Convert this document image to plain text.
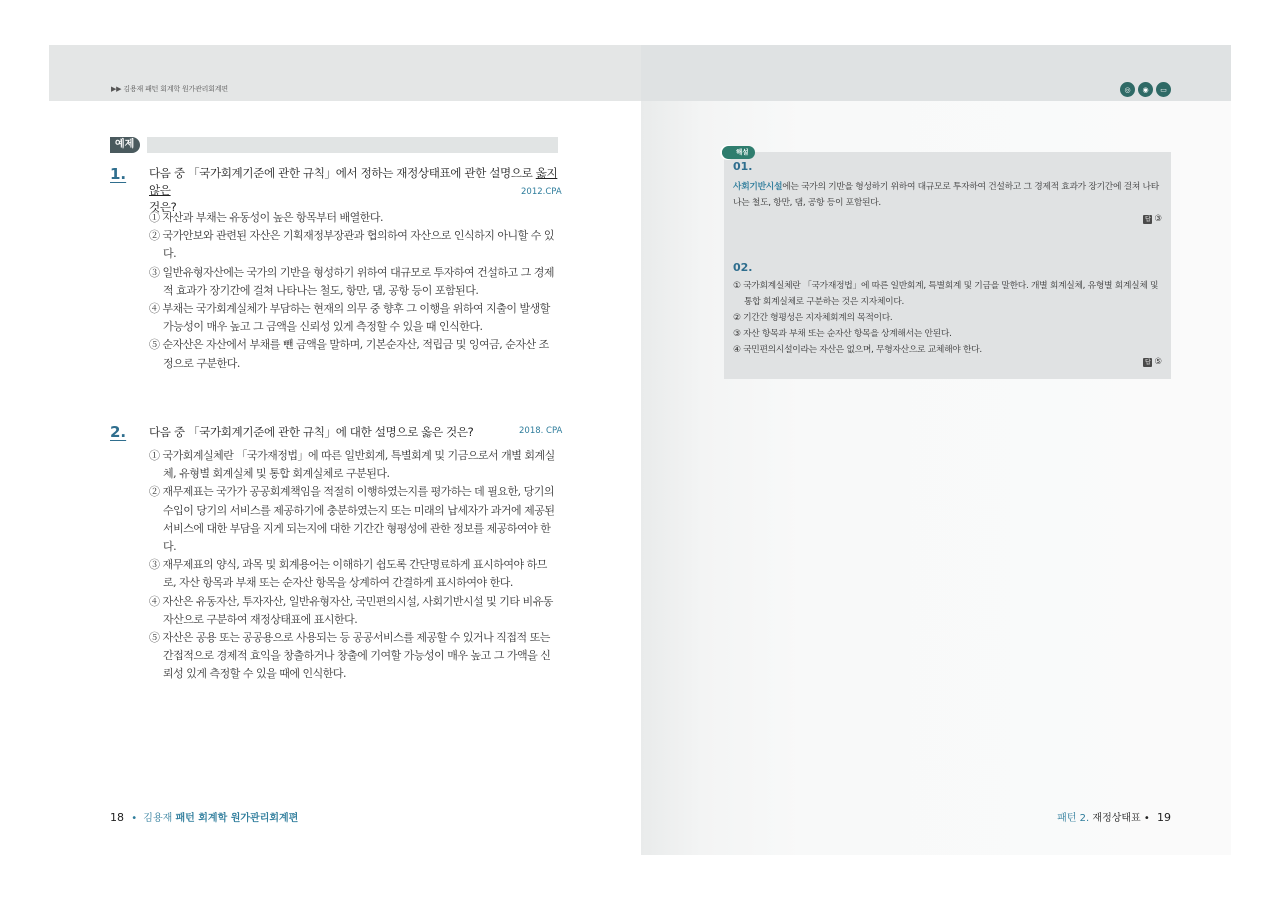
▶▶ 김용재 패턴 회계학 원가관리회계편
예제
1. 다음 중 「국가회계기준에 관한 규칙」에서 정하는 재정상태표에 관한 설명으로 옳지 않은
것은?
2012.CPA
① 자산과 부채는 유동성이 높은 항목부터 배열한다.
② 국가안보와 관련된 자산은 기획재정부장관과 협의하여 자산으로 인식하지 아니할 수 있다.
③ 일반유형자산에는 국가의 기반을 형성하기 위하여 대규모로 투자하여 건설하고 그 경제적 효과가 장기간에 걸쳐 나타나는 철도, 항만, 댐, 공항 등이 포함된다.
④ 부채는 국가회계실체가 부담하는 현재의 의무 중 향후 그 이행을 위하여 지출이 발생할 가능성이 매우 높고 그 금액을 신뢰성 있게 측정할 수 있을 때 인식한다.
⑤ 순자산은 자산에서 부채를 뺀 금액을 말하며, 기본순자산, 적립금 및 잉여금, 순자산 조정으로 구분한다.
2. 다음 중 「국가회계기준에 관한 규칙」에 대한 설명으로 옳은 것은?	2018. CPA
① 국가회계실체란 「국가재정법」에 따른 일반회계, 특별회계 및 기금으로서 개별 회계실체, 유형별 회계실체 및 통합 회계실체로 구분된다.
② 재무제표는 국가가 공공회계책임을 적절히 이행하였는지를 평가하는 데 필요한, 당기의 수입이 당기의 서비스를 제공하기에 충분하였는지 또는 미래의 납세자가 과거에 제공된 서비스에 대한 부담을 지게 되는지에 대한 기간간 형평성에 관한 정보를 제공하여야 한다.
③ 재무제표의 양식, 과목 및 회계용어는 이해하기 쉽도록 간단명료하게 표시하여야 하므로, 자산 항목과 부채 또는 순자산 항목을 상계하여 간결하게 표시하여야 한다.
④ 자산은 유동자산, 투자자산, 일반유형자산, 국민편의시설, 사회기반시설 및 기타 비유동자산으로 구분하여 재정상태표에 표시한다.
⑤ 자산은 공용 또는 공공용으로 사용되는 등 공공서비스를 제공할 수 있거나 직접적 또는 간접적으로 경제적 효익을 창출하거나 창출에 기여할 가능성이 매우 높고 그 가액을 신뢰성 있게 측정할 수 있을 때에 인식한다.
18 • 김용재 패턴 회계학 원가관리회계편
◎	◉	▭
01.
사회기반시설에는 국가의 기반을 형성하기 위하여 대규모로 투자하여 건설하고 그 경제적 효과가 장기간에 걸쳐 나타나는 철도, 항만, 댐, 공항 등이 포함된다.
답 ③
02.
① 국가회계실체란 「국가재정법」에 따른 일반회계, 특별회계 및 기금을 말한다. 개별 회계실체, 유형별 회계실체 및 통합 회계실체로 구분하는 것은 지자체이다.
② 기간간 형평성은 지자체회계의 목적이다.
③ 자산 항목과 부채 또는 순자산 항목을 상계해서는 안된다.
④ 국민편의시설이라는 자산은 없으며, 무형자산으로 교체해야 한다.
답 ⑤
해설
패턴 2. 재정상태표 • 19
